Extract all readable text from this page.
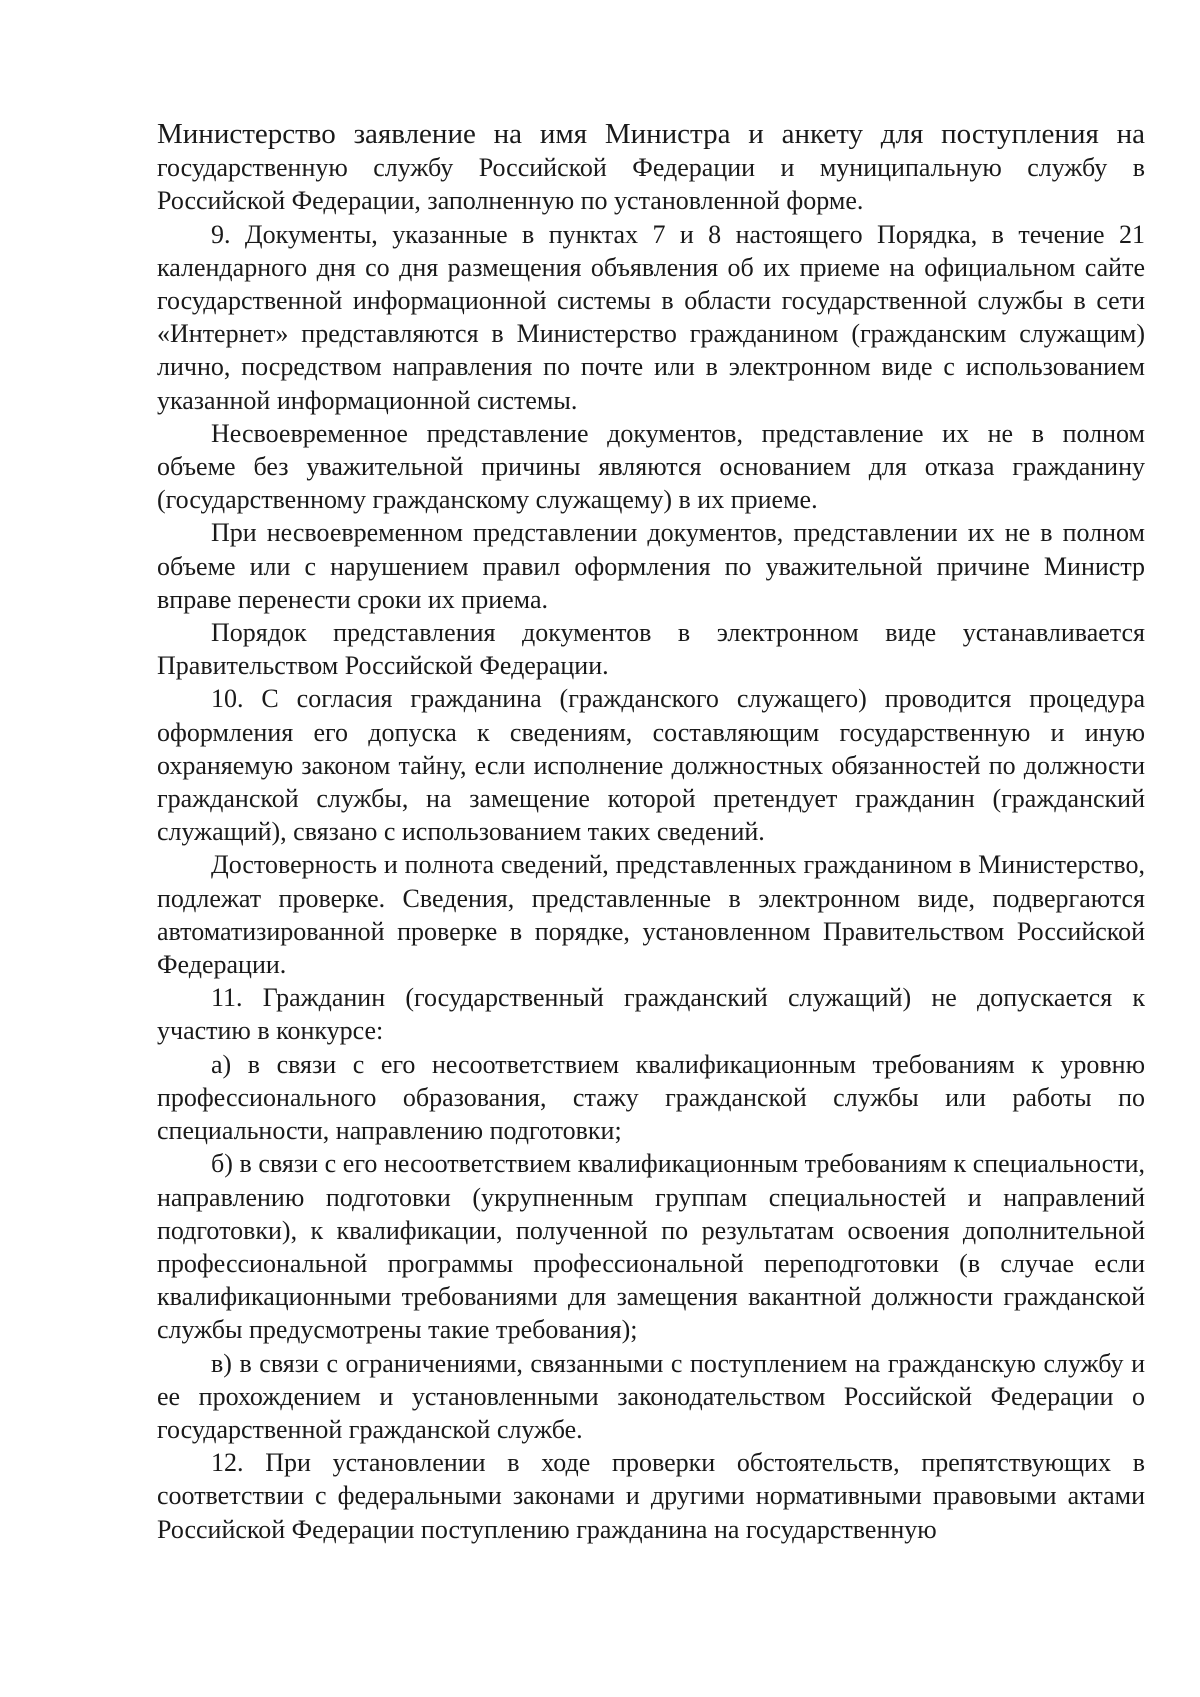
Министерство заявление на имя Министра и анкету для поступления на государственную службу Российской Федерации и муниципальную службу в Российской Федерации, заполненную по установленной форме.

9. Документы, указанные в пунктах 7 и 8 настоящего Порядка, в течение 21 календарного дня со дня размещения объявления об их приеме на официальном сайте государственной информационной системы в области государственной службы в сети «Интернет» представляются в Министерство гражданином (гражданским служащим) лично, посредством направления по почте или в электронном виде с использованием указанной информационной системы.

Несвоевременное представление документов, представление их не в полном объеме без уважительной причины являются основанием для отказа гражданину (государственному гражданскому служащему) в их приеме.

При несвоевременном представлении документов, представлении их не в полном объеме или с нарушением правил оформления по уважительной причине Министр вправе перенести сроки их приема.

Порядок представления документов в электронном виде устанавливается Правительством Российской Федерации.

10. С согласия гражданина (гражданского служащего) проводится процедура оформления его допуска к сведениям, составляющим государственную и иную охраняемую законом тайну, если исполнение должностных обязанностей по должности гражданской службы, на замещение которой претендует гражданин (гражданский служащий), связано с использованием таких сведений.

Достоверность и полнота сведений, представленных гражданином в Министерство, подлежат проверке. Сведения, представленные в электронном виде, подвергаются автоматизированной проверке в порядке, установленном Правительством Российской Федерации.

11. Гражданин (государственный гражданский служащий) не допускается к участию в конкурсе:

а) в связи с его несоответствием квалификационным требованиям к уровню профессионального образования, стажу гражданской службы или работы по специальности, направлению подготовки;

б) в связи с его несоответствием квалификационным требованиям к специальности, направлению подготовки (укрупненным группам специальностей и направлений подготовки), к квалификации, полученной по результатам освоения дополнительной профессиональной программы профессиональной переподготовки (в случае если квалификационными требованиями для замещения вакантной должности гражданской службы предусмотрены такие требования);

в) в связи с ограничениями, связанными с поступлением на гражданскую службу и ее прохождением и установленными законодательством Российской Федерации о государственной гражданской службе.

12. При установлении в ходе проверки обстоятельств, препятствующих в соответствии с федеральными законами и другими нормативными правовыми актами Российской Федерации поступлению гражданина на государственную
